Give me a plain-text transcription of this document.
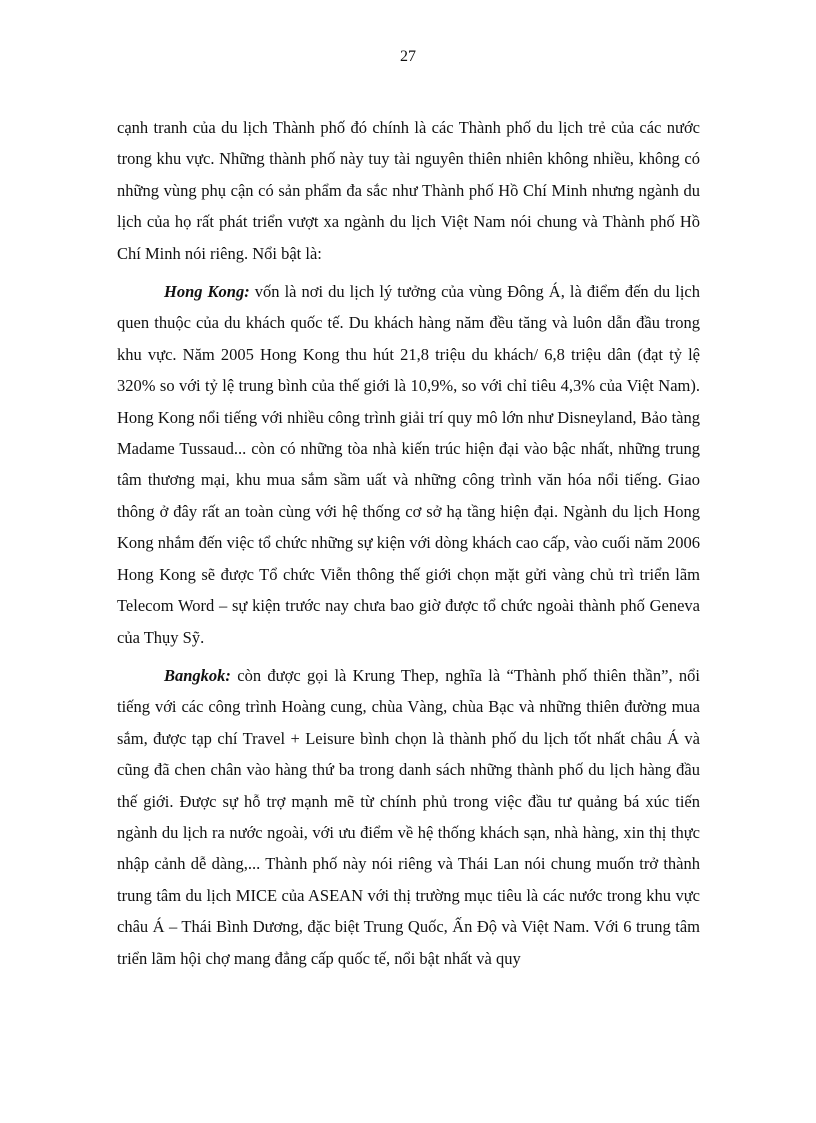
27

cạnh tranh của du lịch Thành phố đó chính là các Thành phố du lịch trẻ của các nước trong khu vực. Những thành phố này tuy tài nguyên thiên nhiên không nhiều, không có những vùng phụ cận có sản phẩm đa sắc như Thành phố Hồ Chí Minh nhưng ngành du lịch của họ rất phát triển vượt xa ngành du lịch Việt Nam nói chung và Thành phố Hồ Chí Minh nói riêng. Nổi bật là:

Hong Kong: vốn là nơi du lịch lý tưởng của vùng Đông Á, là điểm đến du lịch quen thuộc của du khách quốc tế. Du khách hàng năm đều tăng và luôn dẫn đầu trong khu vực. Năm 2005 Hong Kong thu hút 21,8 triệu du khách/ 6,8 triệu dân (đạt tỷ lệ 320% so với tỷ lệ trung bình của thế giới là 10,9%, so với chỉ tiêu 4,3% của Việt Nam). Hong Kong nổi tiếng với nhiều công trình giải trí quy mô lớn như Disneyland, Bảo tàng Madame Tussaud... còn có những tòa nhà kiến trúc hiện đại vào bậc nhất, những trung tâm thương mại, khu mua sắm sầm uất và những công trình văn hóa nổi tiếng. Giao thông ở đây rất an toàn cùng với hệ thống cơ sở hạ tầng hiện đại. Ngành du lịch Hong Kong nhắm đến việc tổ chức những sự kiện với dòng khách cao cấp, vào cuối năm 2006 Hong Kong sẽ được Tổ chức Viễn thông thế giới chọn mặt gửi vàng chủ trì triển lãm Telecom Word – sự kiện trước nay chưa bao giờ được tổ chức ngoài thành phố Geneva của Thụy Sỹ.

Bangkok: còn được gọi là Krung Thep, nghĩa là “Thành phố thiên thần”, nổi tiếng với các công trình Hoàng cung, chùa Vàng, chùa Bạc và những thiên đường mua sắm, được tạp chí Travel + Leisure bình chọn là thành phố du lịch tốt nhất châu Á và cũng đã chen chân vào hàng thứ ba trong danh sách những thành phố du lịch hàng đầu thế giới. Được sự hỗ trợ mạnh mẽ từ chính phủ trong việc đầu tư quảng bá xúc tiến ngành du lịch ra nước ngoài, với ưu điểm về hệ thống khách sạn, nhà hàng, xin thị thực nhập cảnh dễ dàng,... Thành phố này nói riêng và Thái Lan nói chung muốn trở thành trung tâm du lịch MICE của ASEAN với thị trường mục tiêu là các nước trong khu vực châu Á – Thái Bình Dương, đặc biệt Trung Quốc, Ấn Độ và Việt Nam. Với 6 trung tâm triển lãm hội chợ mang đẳng cấp quốc tế, nổi bật nhất và quy
